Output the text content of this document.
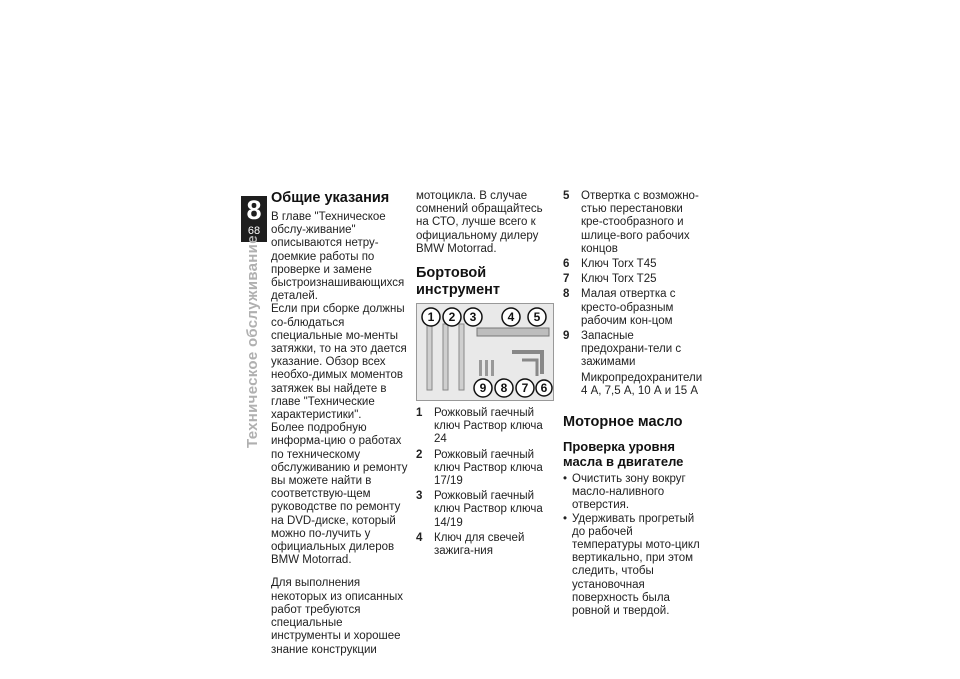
8
68
Техническое обслуживание
Общие указания

В главе "Техническое обслу-живание" описываются нетру-доемкие работы по проверке и замене быстроизнашивающихся деталей.

Если при сборке должны со-блюдаться специальные мо-менты затяжки, то на это дается указание. Обзор всех необхо-димых моментов затяжек вы найдете в главе "Технические характеристики".

Более подробную информа-цию о работах по техническому обслуживанию и ремонту вы можете найти в соответствую-щем руководстве по ремонту на DVD-диске, который можно по-лучить у официальных дилеров BMW Motorrad.

Для выполнения некоторых из описанных работ требуются специальные инструменты и хорошее знание конструкции

мотоцикла. В случае сомнений обращайтесь на СТО, лучше всего к официальному дилеру BMW Motorrad.

Бортовой инструмент
1 2 3	4 5
9 8 7 6
1	Рожковый гаечный ключ Раствор ключа 24
2	Рожковый гаечный ключ Раствор ключа 17/19
3	Рожковый гаечный ключ Раствор ключа 14/19
4	Ключ для свечей зажига-ния
5	Отвертка с возможно-стью перестановки кре-стообразного и шлице-вого рабочих концов
6	Ключ Torx T45
7	Ключ Torx T25
8	Малая отвертка с кресто-образным рабочим кон-цом
9	Запасные предохрани-тели с зажимами
Микропредохранители
4 А, 7,5 А, 10 А и 15 А
Моторное масло
Проверка уровня масла в двигателе
• Очистить зону вокруг масло-наливного отверстия.
• Удерживать прогретый до рабочей температуры мото-цикл вертикально, при этом следить, чтобы установочная поверхность была ровной и твердой.
